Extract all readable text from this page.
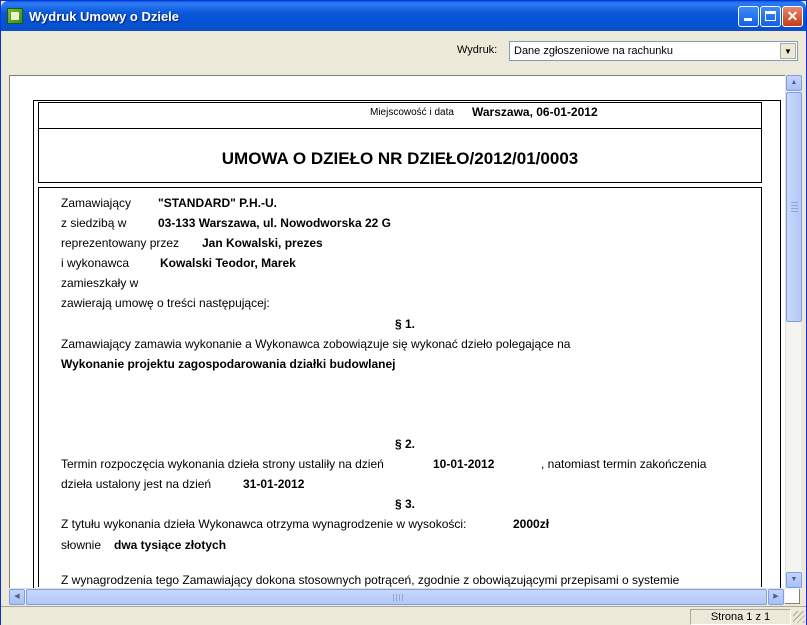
Wydruk Umowy o Dziele	✕
Wydruk:	Dane zgłoszeniowe na rachunku	▼
Miejscowość i data Warszawa, 06-01-2012
UMOWA O DZIEŁO NR DZIEŁO/2012/01/0003
Zamawiający "STANDARD" P.H.-U.
z siedzibą w	03-133 Warszawa, ul. Nowodworska 22 G
reprezentowany przez Jan Kowalski, prezes
i wykonawca	Kowalski Teodor, Marek
zamieszkały w
zawierają umowę o treści następującej:
§ 1.
Zamawiający zamawia wykonanie a Wykonawca zobowiązuje się wykonać dzieło polegające na
Wykonanie projektu zagospodarowania działki budowlanej
§ 2.
Termin rozpoczęcia wykonania dzieła strony ustaliły na dzień	10-01-2012	, natomiast termin zakończenia
dzieła ustalony jest na dzień	31-01-2012
§ 3.
Z tytułu wykonania dzieła Wykonawca otrzyma wynagrodzenie w wysokości:	2000zł
słownie dwa tysiące złotych
Z wynagrodzenia tego Zamawiający dokona stosownych potrąceń, zgodnie z obowiązującymi przepisami o systemie
▲
▼
◀	▶
Strona 1 z 1
